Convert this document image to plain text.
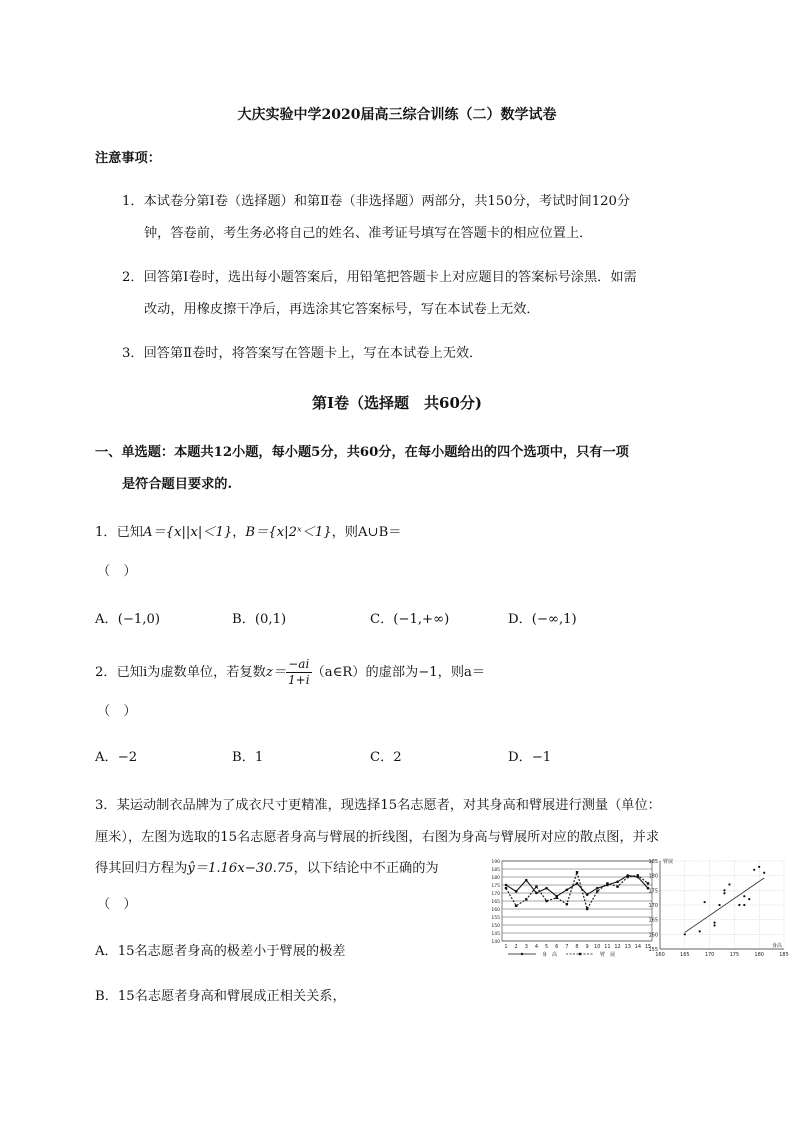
大庆实验中学2020届高三综合训练（二）数学试卷
注意事项：
1．本试卷分第Ⅰ卷（选择题）和第Ⅱ卷（非选择题）两部分，共150分，考试时间120分
钟，答卷前，考生务必将自己的姓名、准考证号填写在答题卡的相应位置上．
2．回答第Ⅰ卷时，选出每小题答案后，用铅笔把答题卡上对应题目的答案标号涂黑．如需
改动，用橡皮擦干净后，再选涂其它答案标号，写在本试卷上无效．
3．回答第Ⅱ卷时，将答案写在答题卡上，写在本试卷上无效．
第Ⅰ卷（选择题　共60分)
一、单选题：本题共12小题，每小题5分，共60分，在每小题给出的四个选项中，只有一项
是符合题目要求的.
1．已知A＝{x||x|＜1}，B＝{x|2ˣ＜1}，则A∪B＝
（　）
A．(−1,0)	B．(0,1)	C．(−1,+∞)	D．(−∞,1)
2．已知i为虚数单位，若复数$z= \frac{-ai}{1+i}$ （a∈R）的虚部为−1，则a＝
（　）
A．−2	B．1	C．2	D．−1
3．某运动制衣品牌为了成衣尺寸更精准，现选择15名志愿者，对其身高和臂展进行测量（单位：
厘米），左图为选取的15名志愿者身高与臂展的折线图，右图为身高与臂展所对应的散点图，并求
得其回归方程为ŷ＝1.16x−30.75，以下结论中不正确的为
（　）
A．15名志愿者身高的极差小于臂展的极差
B．15名志愿者身高和臂展成正相关关系，
190
185
180
175
170
165
160
155
150
145
140
1 2 3 4 5 6 7 8 9 10 11 12 13 14 15
身　高	臂　展	160	165	170	175	180	185
185
180
175
170
165
160
155
臂展
身高
